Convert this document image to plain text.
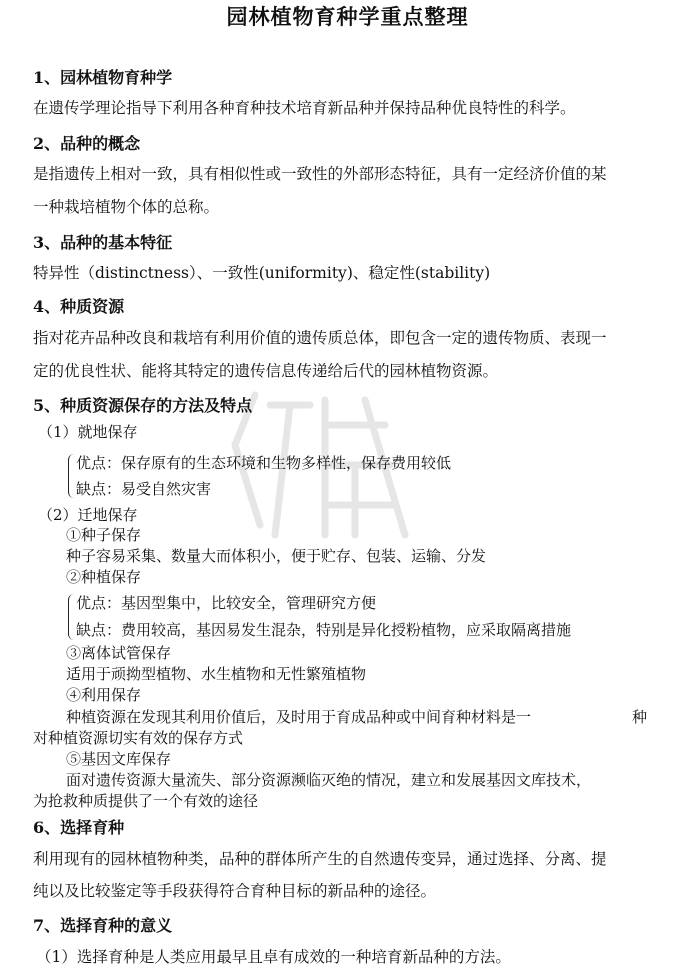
园林植物育种学重点整理
1、园林植物育种学
在遗传学理论指导下利用各种育种技术培育新品种并保持品种优良特性的科学。
2、品种的概念
是指遗传上相对一致，具有相似性或一致性的外部形态特征，具有一定经济价值的某
一种栽培植物个体的总称。
3、品种的基本特征
特异性（distinctness）、一致性(uniformity)、稳定性(stability)
4、种质资源
指对花卉品种改良和栽培有利用价值的遗传质总体，即包含一定的遗传物质、表现一
定的优良性状、能将其特定的遗传信息传递给后代的园林植物资源。
5、种质资源保存的方法及特点
（1）就地保存
优点：保存原有的生态环境和生物多样性，保存费用较低
缺点：易受自然灾害
（2）迁地保存
①种子保存
种子容易采集、数量大而体积小，便于贮存、包装、运输、分发
②种植保存
优点：基因型集中，比较安全，管理研究方便
缺点：费用较高，基因易发生混杂，特别是异化授粉植物，应采取隔离措施
③离体试管保存
适用于顽拗型植物、水生植物和无性繁殖植物
④利用保存
种植资源在发现其利用价值后，及时用于育成品种或中间育种材料是一	种
对种植资源切实有效的保存方式
⑤基因文库保存
面对遗传资源大量流失、部分资源濒临灭绝的情况，建立和发展基因文库技术，
为抢救种质提供了一个有效的途径
6、选择育种
利用现有的园林植物种类，品种的群体所产生的自然遗传变异，通过选择、分离、提
纯以及比较鉴定等手段获得符合育种目标的新品种的途径。
7、选择育种的意义
（1）选择育种是人类应用最早且卓有成效的一种培育新品种的方法。
